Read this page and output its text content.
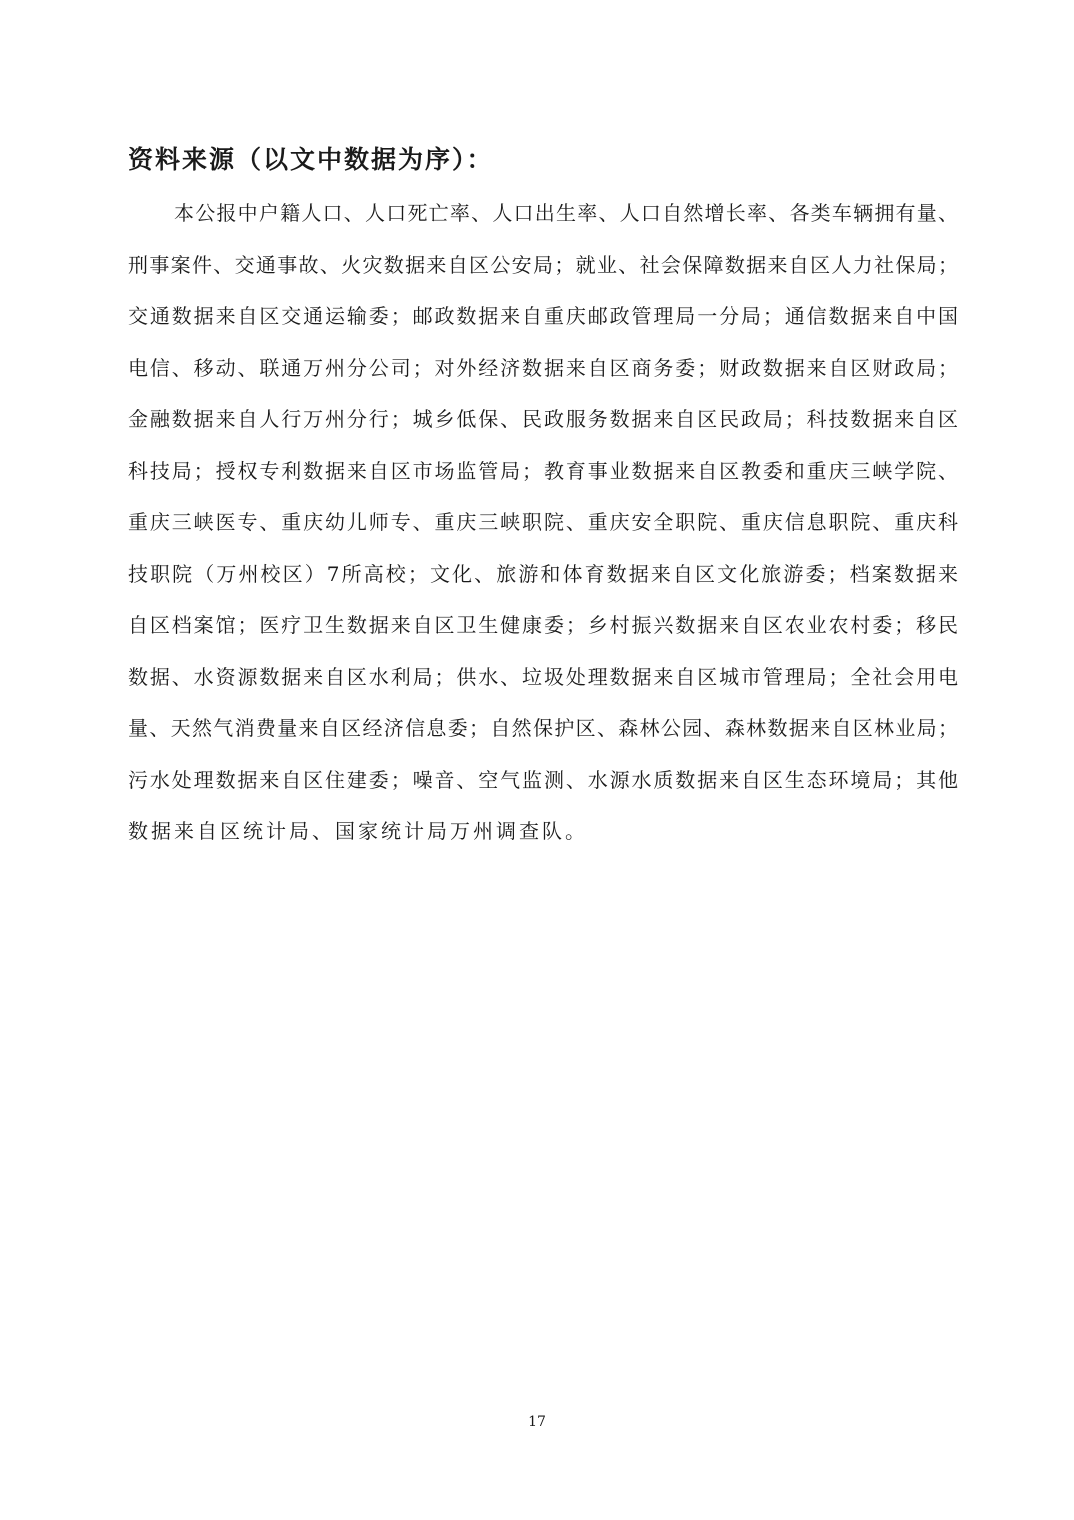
资料来源（以文中数据为序）：
本公报中户籍人口、人口死亡率、人口出生率、人口自然增长率、各类车辆拥有量、
刑事案件、交通事故、火灾数据来自区公安局；就业、社会保障数据来自区人力社保局；
交通数据来自区交通运输委；邮政数据来自重庆邮政管理局一分局；通信数据来自中国
电信、移动、联通万州分公司；对外经济数据来自区商务委；财政数据来自区财政局；
金融数据来自人行万州分行；城乡低保、民政服务数据来自区民政局；科技数据来自区
科技局；授权专利数据来自区市场监管局；教育事业数据来自区教委和重庆三峡学院、
重庆三峡医专、重庆幼儿师专、重庆三峡职院、重庆安全职院、重庆信息职院、重庆科
技职院（万州校区）7所高校；文化、旅游和体育数据来自区文化旅游委；档案数据来
自区档案馆；医疗卫生数据来自区卫生健康委；乡村振兴数据来自区农业农村委；移民
数据、水资源数据来自区水利局；供水、垃圾处理数据来自区城市管理局；全社会用电
量、天然气消费量来自区经济信息委；自然保护区、森林公园、森林数据来自区林业局；
污水处理数据来自区住建委；噪音、空气监测、水源水质数据来自区生态环境局；其他
数据来自区统计局、国家统计局万州调查队。
17
